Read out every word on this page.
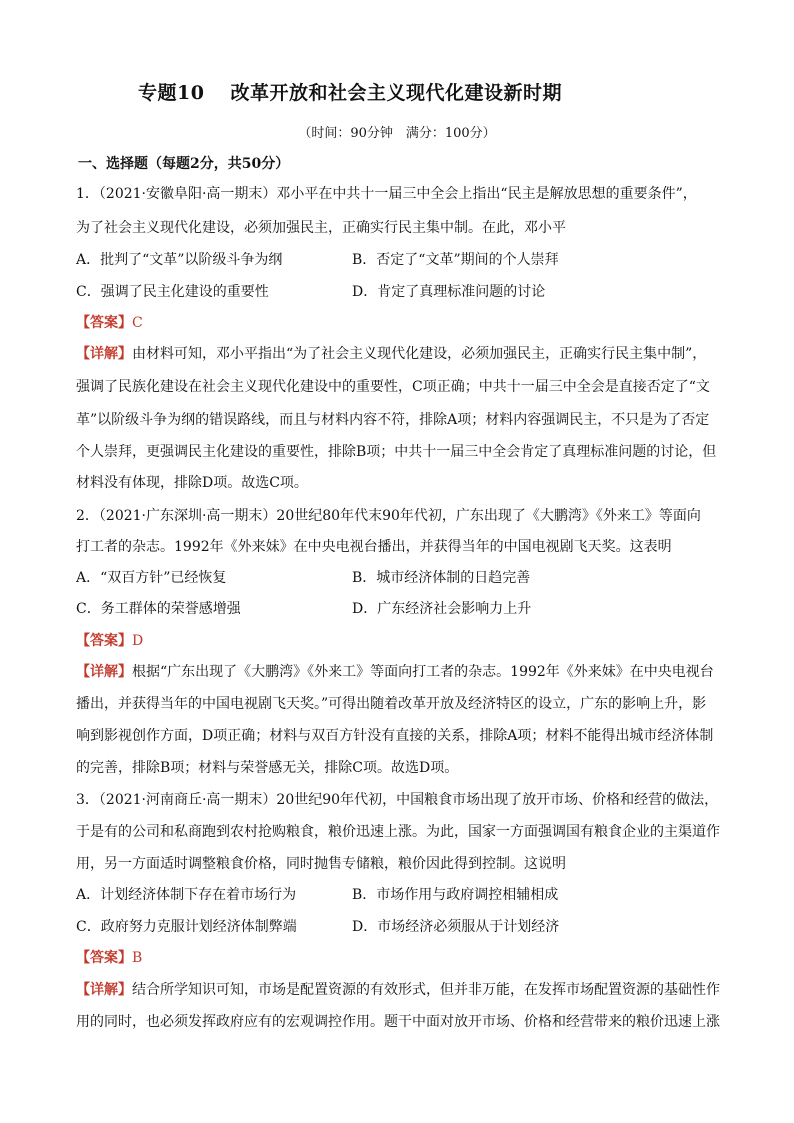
专题10 改革开放和社会主义现代化建设新时期
（时间：90分钟　满分：100分）
一、选择题（每题2分，共50分）
1．（2021·安徽阜阳·高一期末）邓小平在中共十一届三中全会上指出“民主是解放思想的重要条件”，
为了社会主义现代化建设，必须加强民主，正确实行民主集中制。在此，邓小平
A．批判了“文革”以阶级斗争为纲	B．否定了“文革”期间的个人崇拜
C．强调了民主化建设的重要性	D．肯定了真理标准问题的讨论
【答案】C
【详解】由材料可知，邓小平指出“为了社会主义现代化建设，必须加强民主，正确实行民主集中制”，
强调了民族化建设在社会主义现代化建设中的重要性，C项正确；中共十一届三中全会是直接否定了“文
革”以阶级斗争为纲的错误路线，而且与材料内容不符，排除A项；材料内容强调民主，不只是为了否定
个人崇拜，更强调民主化建设的重要性，排除B项；中共十一届三中全会肯定了真理标准问题的讨论，但
材料没有体现，排除D项。故选C项。
2．（2021·广东深圳·高一期末）20世纪80年代末90年代初，广东出现了《大鹏湾》《外来工》等面向
打工者的杂志。1992年《外来妹》在中央电视台播出，并获得当年的中国电视剧飞天奖。这表明
A．“双百方针”已经恢复	B．城市经济体制的日趋完善
C．务工群体的荣誉感增强	D．广东经济社会影响力上升
【答案】D
【详解】根据“广东出现了《大鹏湾》《外来工》等面向打工者的杂志。1992年《外来妹》在中央电视台
播出，并获得当年的中国电视剧飞天奖。”可得出随着改革开放及经济特区的设立，广东的影响上升，影
响到影视创作方面，D项正确；材料与双百方针没有直接的关系，排除A项；材料不能得出城市经济体制
的完善，排除B项；材料与荣誉感无关，排除C项。故选D项。
3．（2021·河南商丘·高一期末）20世纪90年代初，中国粮食市场出现了放开市场、价格和经营的做法，
于是有的公司和私商跑到农村抢购粮食，粮价迅速上涨。为此，国家一方面强调国有粮食企业的主渠道作
用，另一方面适时调整粮食价格，同时抛售专储粮，粮价因此得到控制。这说明
A．计划经济体制下存在着市场行为	B．市场作用与政府调控相辅相成
C．政府努力克服计划经济体制弊端	D．市场经济必须服从于计划经济
【答案】B
【详解】结合所学知识可知，市场是配置资源的有效形式，但并非万能，在发挥市场配置资源的基础性作
用的同时，也必须发挥政府应有的宏观调控作用。题干中面对放开市场、价格和经营带来的粮价迅速上涨
